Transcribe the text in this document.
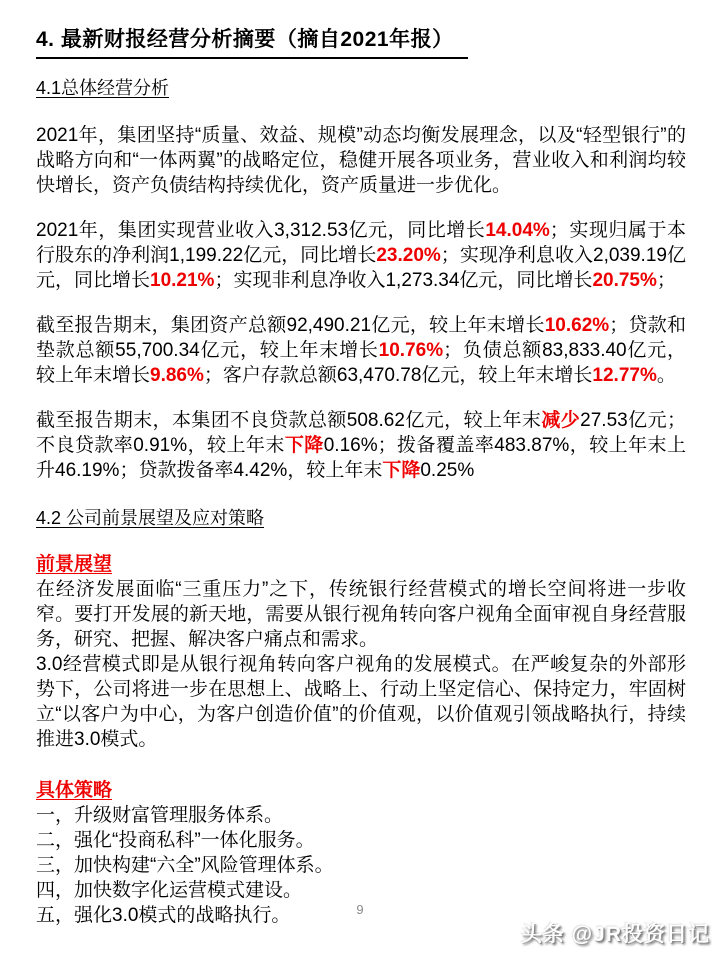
4. 最新财报经营分析摘要（摘自2021年报）
4.1总体经营分析

2021年，集团坚持“质量、效益、规模”动态均衡发展理念，以及“轻型银行”的战略方向和“一体两翼”的战略定位，稳健开展各项业务，营业收入和利润均较快增长，资产负债结构持续优化，资产质量进一步优化。

2021年，集团实现营业收入3,312.53亿元，同比增长14.04%；实现归属于本行股东的净利润1,199.22亿元，同比增长23.20%；实现净利息收入2,039.19亿元，同比增长10.21%；实现非利息净收入1,273.34亿元，同比增长20.75%；

截至报告期末，集团资产总额92,490.21亿元，较上年末增长10.62%；贷款和垫款总额55,700.34亿元，较上年末增长10.76%；负债总额83,833.40亿元，较上年末增长9.86%；客户存款总额63,470.78亿元，较上年末增长12.77%。

截至报告期末，本集团不良贷款总额508.62亿元，较上年末减少27.53亿元；不良贷款率0.91%，较上年末下降0.16%；拨备覆盖率483.87%，较上年末上升46.19%；贷款拨备率4.42%，较上年末下降0.25%

4.2 公司前景展望及应对策略
前景展望

在经济发展面临“三重压力”之下，传统银行经营模式的增长空间将进一步收窄。要打开发展的新天地，需要从银行视角转向客户视角全面审视自身经营服务，研究、把握、解决客户痛点和需求。

3.0经营模式即是从银行视角转向客户视角的发展模式。在严峻复杂的外部形势下，公司将进一步在思想上、战略上、行动上坚定信心、保持定力，牢固树立“以客户为中心，为客户创造价值”的价值观，以价值观引领战略执行，持续推进3.0模式。

具体策略

一，升级财富管理服务体系。

二，强化“投商私科”一体化服务。

三，加快构建“六全”风险管理体系。

四，加快数字化运营模式建设。

五，强化3.0模式的战略执行。	9
头条 @JR投资日记
